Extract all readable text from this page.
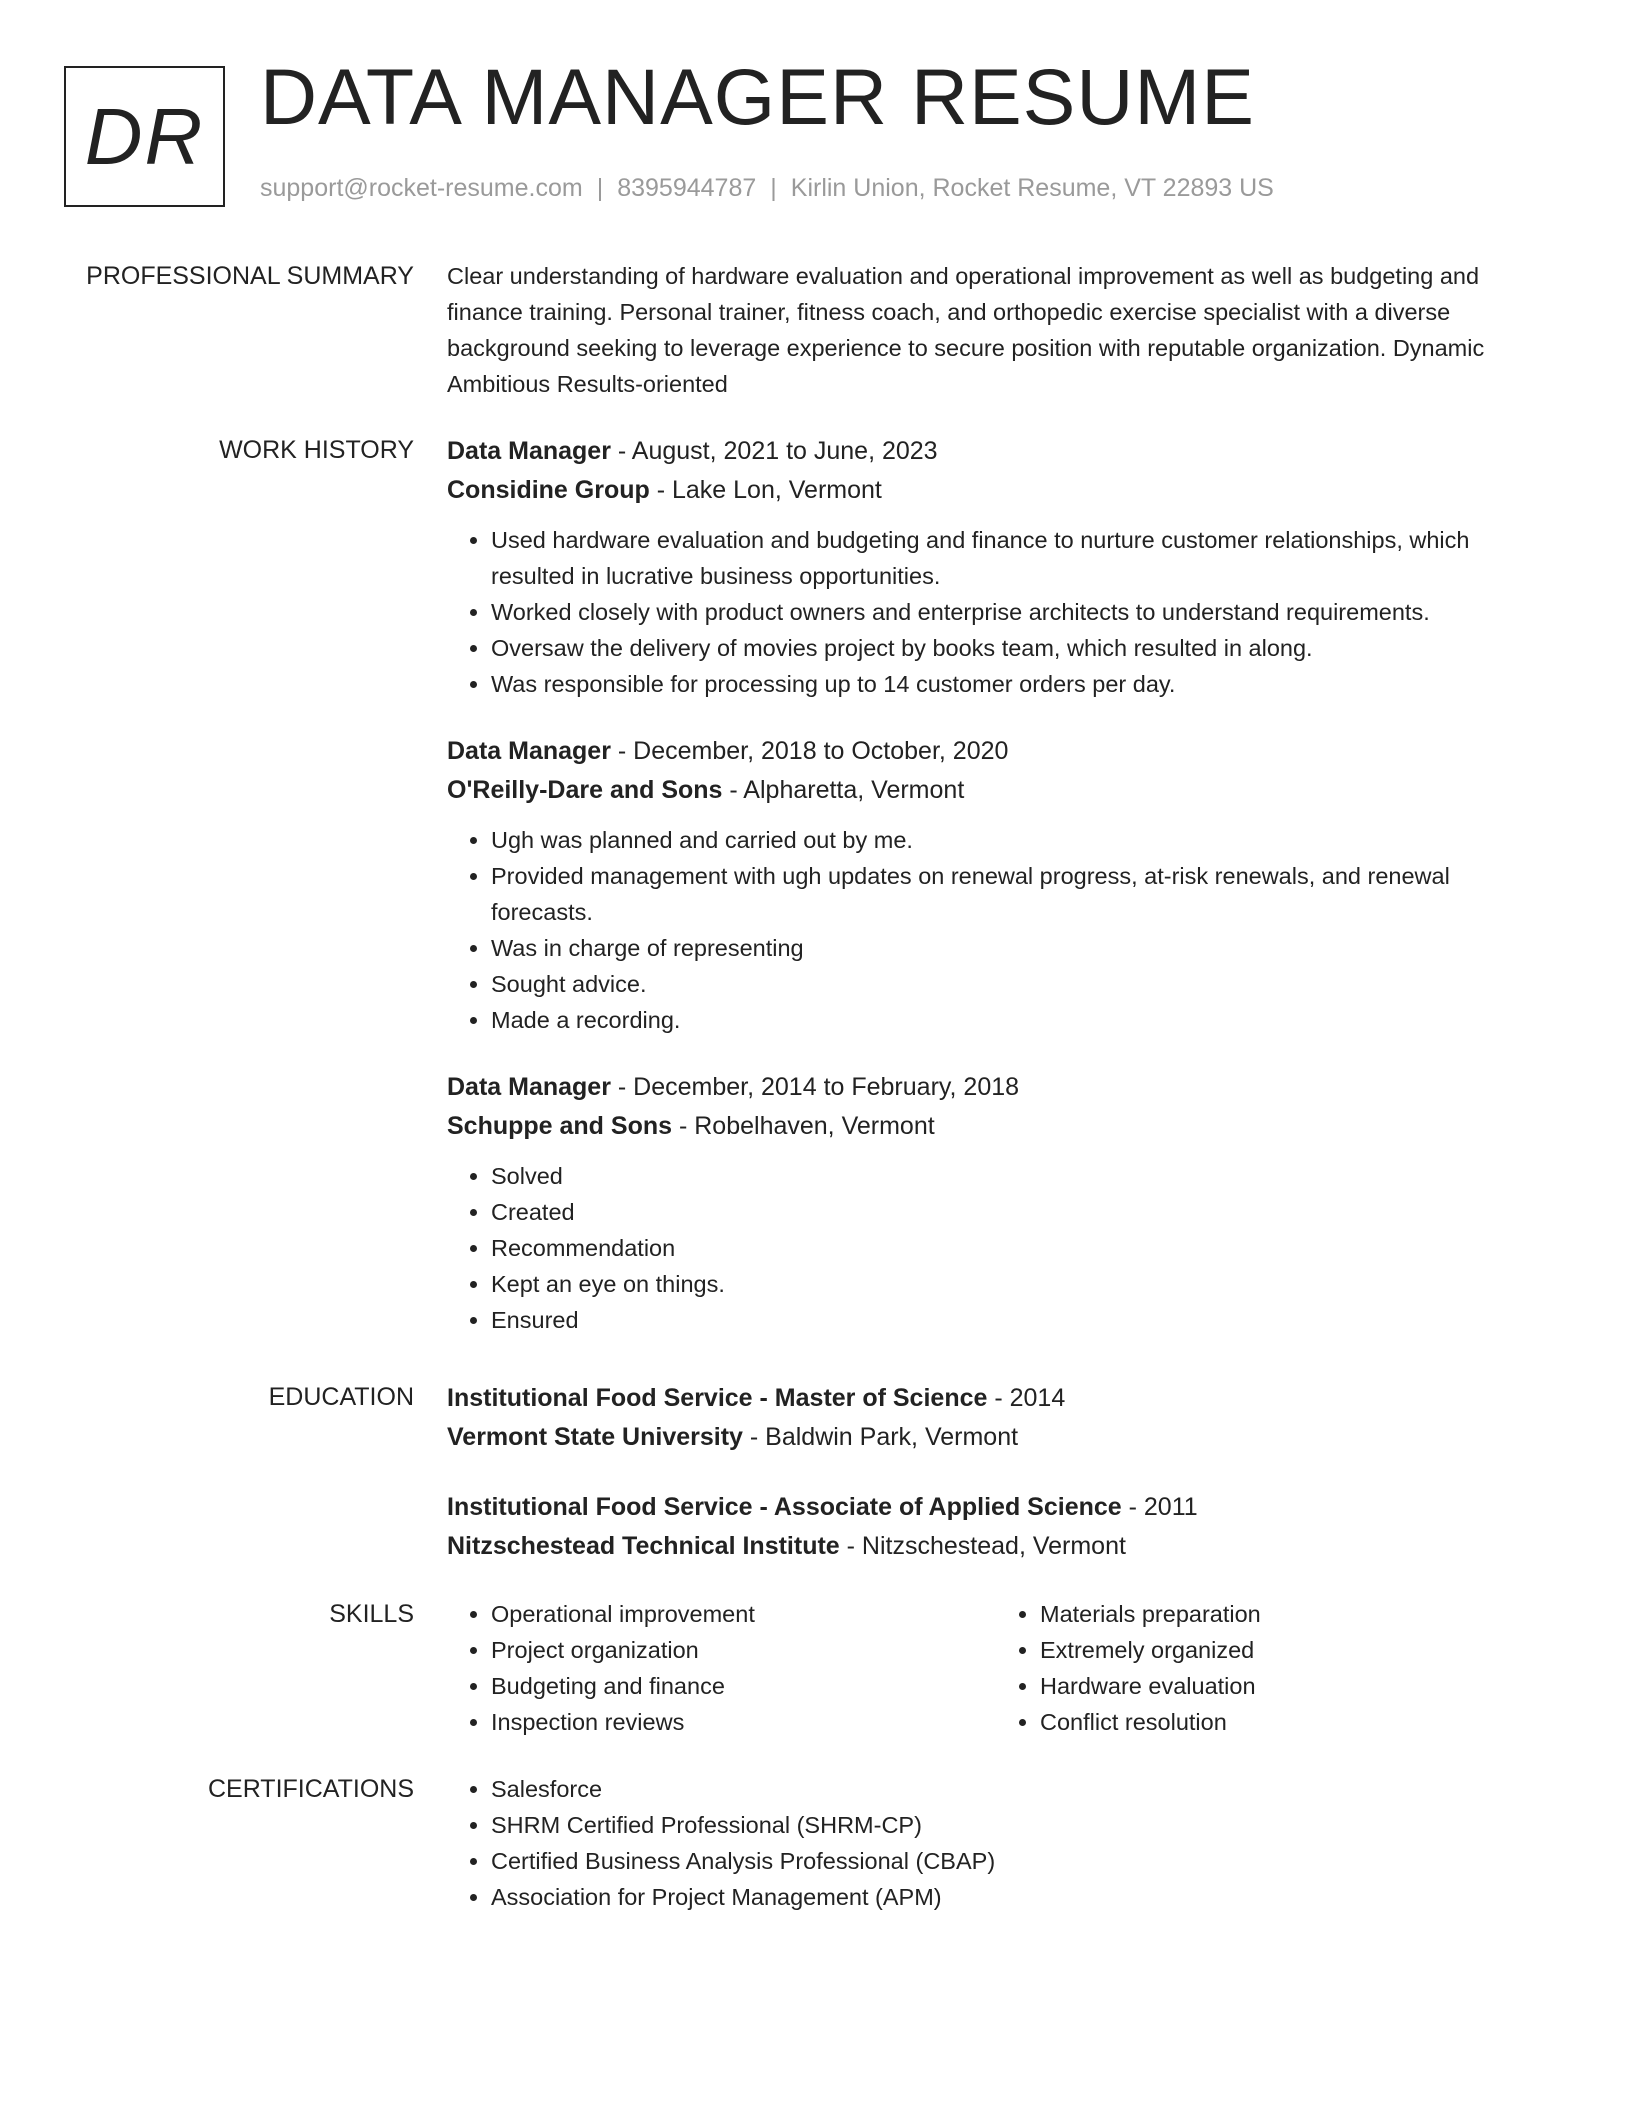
DR DATA MANAGER RESUME
support@rocket-resume.com | 8395944787 | Kirlin Union, Rocket Resume, VT 22893 US
PROFESSIONAL SUMMARY Clear understanding of hardware evaluation and operational improvement as well as budgeting and finance training. Personal trainer, fitness coach, and orthopedic exercise specialist with a diverse background seeking to leverage experience to secure position with reputable organization. Dynamic Ambitious Results-oriented

WORK HISTORY Data Manager - August, 2021 to June, 2023
Considine Group - Lake Lon, Vermont
• Used hardware evaluation and budgeting and finance to nurture customer relationships, which resulted in lucrative business opportunities.
• Worked closely with product owners and enterprise architects to understand requirements.
• Oversaw the delivery of movies project by books team, which resulted in along.
• Was responsible for processing up to 14 customer orders per day.
Data Manager - December, 2018 to October, 2020
O'Reilly-Dare and Sons - Alpharetta, Vermont
• Ugh was planned and carried out by me.
• Provided management with ugh updates on renewal progress, at-risk renewals, and renewal forecasts.
• Was in charge of representing
• Sought advice.
• Made a recording.
Data Manager - December, 2014 to February, 2018
Schuppe and Sons - Robelhaven, Vermont
• Solved
• Created
• Recommendation
• Kept an eye on things.
• Ensured
EDUCATION Institutional Food Service - Master of Science - 2014
Vermont State University - Baldwin Park, Vermont
Institutional Food Service - Associate of Applied Science - 2011
Nitzschestead Technical Institute - Nitzschestead, Vermont
SKILLS	• Operational improvement
• Project organization
• Budgeting and finance
• Inspection reviews
• Materials preparation
• Extremely organized
• Hardware evaluation
• Conflict resolution
CERTIFICATIONS	• Salesforce
• SHRM Certified Professional (SHRM-CP)
• Certified Business Analysis Professional (CBAP)
• Association for Project Management (APM)
